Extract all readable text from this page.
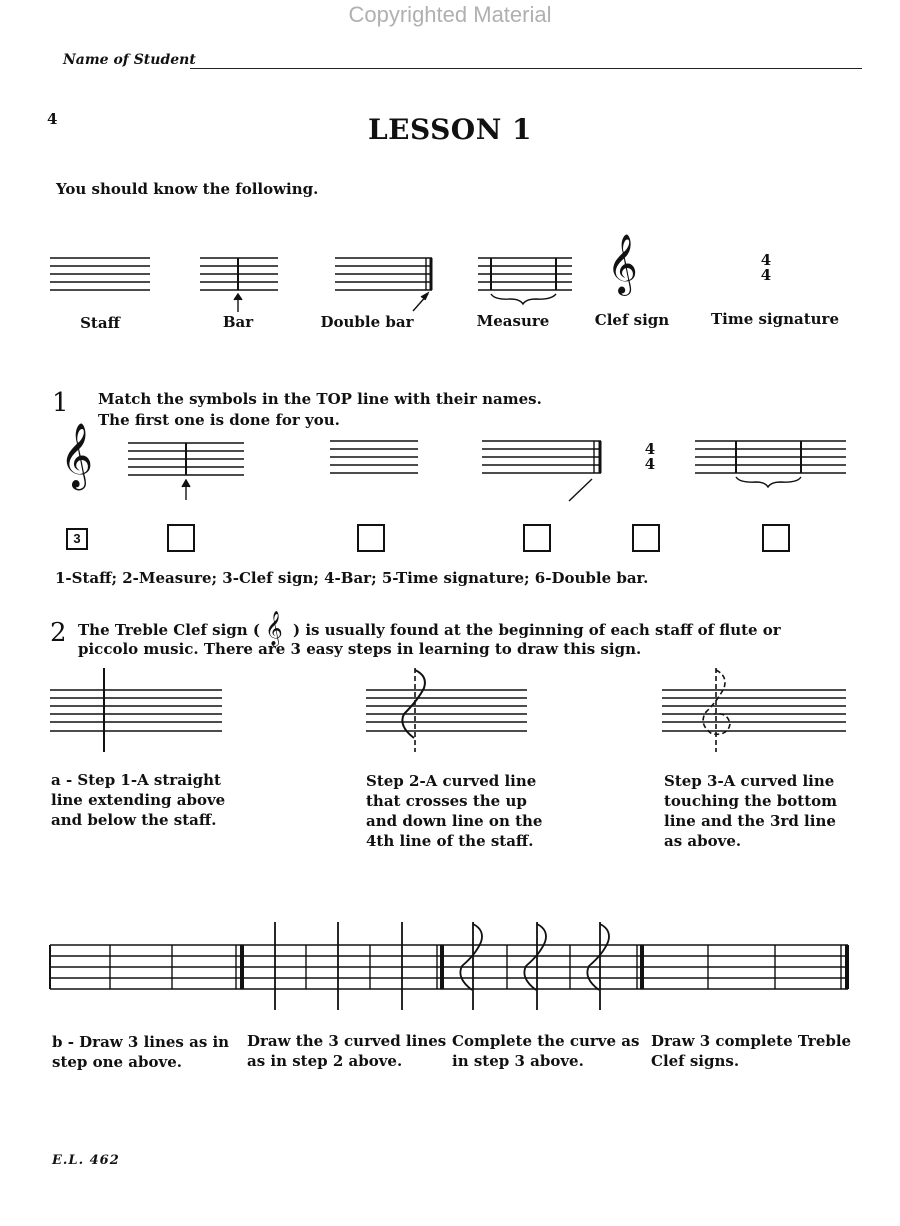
Copyrighted Material
Name of Student
4	LESSON 1
You should know the following.
𝄞
𝄞
𝄞
4
4
4
4
Staff	Bar	Double bar	Measure	Clef sign	Time signature
1 Match the symbols in the TOP line with their names.
The first one is done for you.
3
1-Staff; 2-Measure; 3-Clef sign; 4-Bar; 5-Time signature; 6-Double bar.
2 The Treble Clef sign ( ) is usually found at the beginning of each staff of flute or
piccolo music. There are 3 easy steps in learning to draw this sign.
a - Step 1-A straight
line extending above
and below the staff.
Step 2-A curved line
that crosses the up
and down line on the
4th line of the staff.
Step 3-A curved line
touching the bottom
line and the 3rd line
as above.
b - Draw 3 lines as in
step one above.
Draw the 3 curved lines
as in step 2 above.
Complete the curve as
in step 3 above.
Draw 3 complete Treble
Clef signs.
E.L. 462
